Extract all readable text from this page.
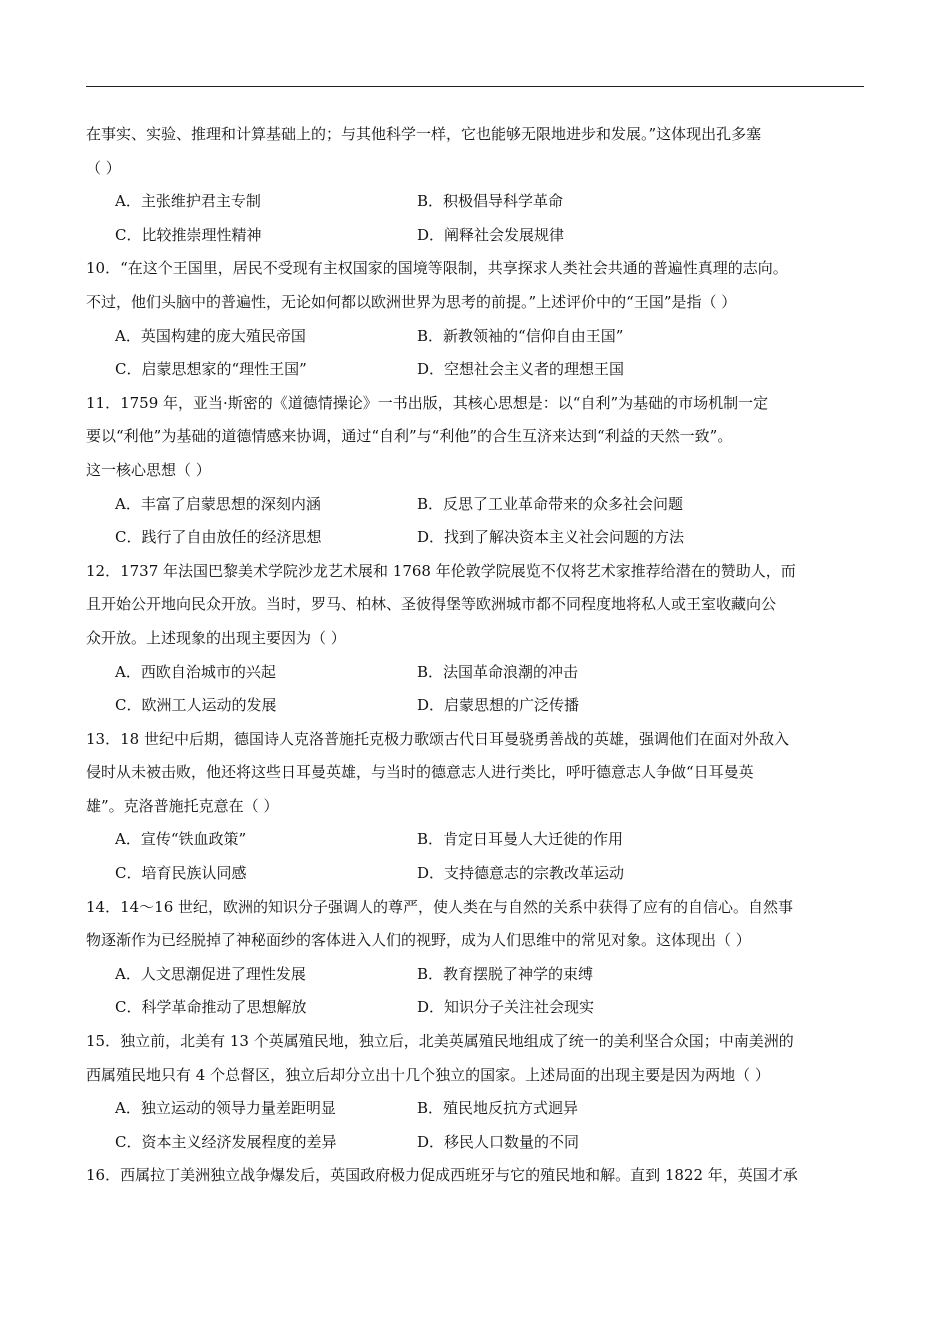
在事实、实验、推理和计算基础上的；与其他科学一样，它也能够无限地进步和发展。”这体现出孔多塞
（ ）
A．主张维护君主专制	B．积极倡导科学革命
C．比较推崇理性精神	D．阐释社会发展规律
10．“在这个王国里，居民不受现有主权国家的国境等限制，共享探求人类社会共通的普遍性真理的志向。
不过，他们头脑中的普遍性，无论如何都以欧洲世界为思考的前提。”上述评价中的“王国”是指（ ）
A．英国构建的庞大殖民帝国	B．新教领袖的“信仰自由王国”
C．启蒙思想家的“理性王国”	D．空想社会主义者的理想王国
11．1759 年，亚当·斯密的《道德情操论》一书出版，其核心思想是：以“自利”为基础的市场机制一定
要以“利他”为基础的道德情感来协调，通过“自利”与“利他”的合生互济来达到“利益的天然一致”。
这一核心思想（ ）
A．丰富了启蒙思想的深刻内涵	B．反思了工业革命带来的众多社会问题
C．践行了自由放任的经济思想	D．找到了解决资本主义社会问题的方法
12．1737 年法国巴黎美术学院沙龙艺术展和 1768 年伦敦学院展览不仅将艺术家推荐给潜在的赞助人，而
且开始公开地向民众开放。当时，罗马、柏林、圣彼得堡等欧洲城市都不同程度地将私人或王室收藏向公
众开放。上述现象的出现主要因为（ ）
A．西欧自治城市的兴起	B．法国革命浪潮的冲击
C．欧洲工人运动的发展	D．启蒙思想的广泛传播
13．18 世纪中后期，德国诗人克洛普施托克极力歌颂古代日耳曼骁勇善战的英雄，强调他们在面对外敌入
侵时从未被击败，他还将这些日耳曼英雄，与当时的德意志人进行类比，呼吁德意志人争做“日耳曼英
雄”。克洛普施托克意在（ ）
A．宣传“铁血政策”	B．肯定日耳曼人大迁徙的作用
C．培育民族认同感	D．支持德意志的宗教改革运动
14．14～16 世纪，欧洲的知识分子强调人的尊严，使人类在与自然的关系中获得了应有的自信心。自然事
物逐渐作为已经脱掉了神秘面纱的客体进入人们的视野，成为人们思维中的常见对象。这体现出（ ）
A．人文思潮促进了理性发展	B．教育摆脱了神学的束缚
C．科学革命推动了思想解放	D．知识分子关注社会现实
15．独立前，北美有 13 个英属殖民地，独立后，北美英属殖民地组成了统一的美利坚合众国；中南美洲的
西属殖民地只有 4 个总督区，独立后却分立出十几个独立的国家。上述局面的出现主要是因为两地（ ）
A．独立运动的领导力量差距明显	B．殖民地反抗方式迥异
C．资本主义经济发展程度的差异	D．移民人口数量的不同
16．西属拉丁美洲独立战争爆发后，英国政府极力促成西班牙与它的殖民地和解。直到 1822 年，英国才承
